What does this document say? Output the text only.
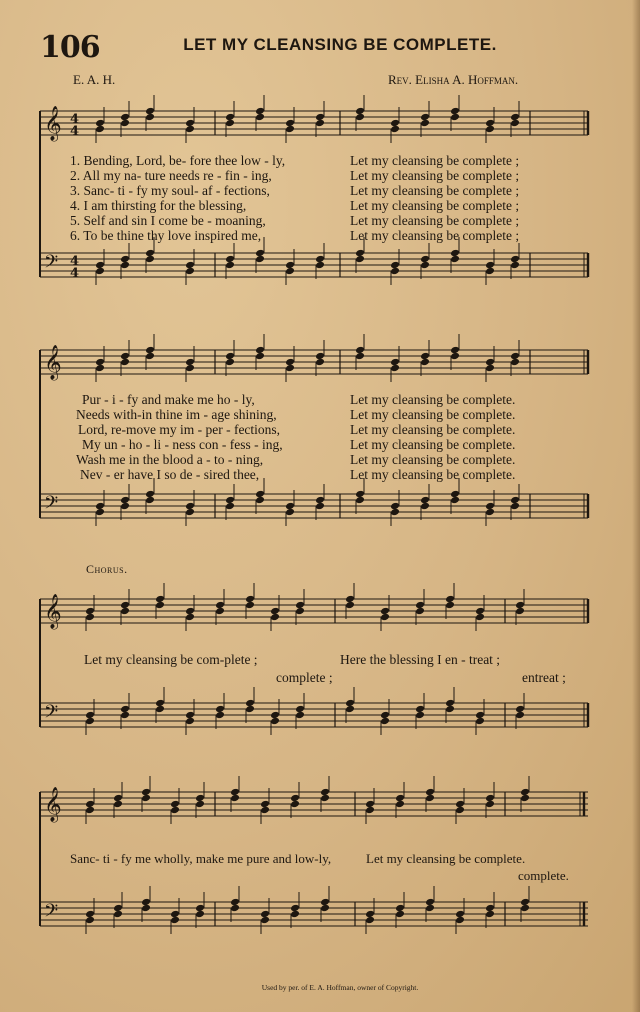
𝄞
𝄢
4
4
4
4
𝄞
𝄢
𝄞
𝄢
𝄞
𝄢
106	LET MY CLEANSING BE COMPLETE.
E. A. H.	Rev. Elisha A. Hoffman.
1. Bending, Lord, be- fore thee low - ly,
2. All my na- ture needs re - fin - ing,
3. Sanc- ti - fy my soul- af - fections,
4. I am thirsting for the blessing,
5. Self and sin I come be - moaning,
6. To be thine thy love inspired me,
Let my cleansing be complete ;
Let my cleansing be complete ;
Let my cleansing be complete ;
Let my cleansing be complete ;
Let my cleansing be complete ;
Let my cleansing be complete ;
Pur - i - fy and make me ho - ly,
Needs with-in thine im - age shining,
Lord, re-move my im - per - fections,
My un - ho - li - ness con - fess - ing,
Wash me in the blood a - to - ning,
Nev - er have I so de - sired thee,
Let my cleansing be complete.
Let my cleansing be complete.
Let my cleansing be complete.
Let my cleansing be complete.
Let my cleansing be complete.
Let my cleansing be complete.
Chorus.
Let my cleansing be com-plete ;	Here the blessing I en - treat ;
complete ;	entreat ;
Sanc- ti - fy me wholly, make me pure and low-ly,	Let my cleansing be complete.
complete.
Used by per. of E. A. Hoffman, owner of Copyright.
